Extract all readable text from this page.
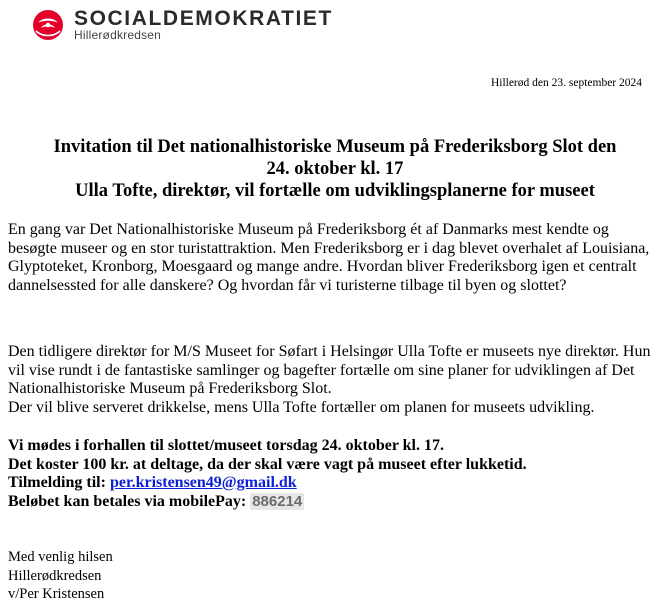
SOCIALDEMOKRATIET
Hillerødkredsen
Hillerød den 23. september 2024
Invitation til Det nationalhistoriske Museum på Frederiksborg Slot den
24. oktober kl. 17
Ulla Tofte, direktør, vil fortælle om udviklingsplanerne for museet

En gang var Det Nationalhistoriske Museum på Frederiksborg ét af Danmarks mest kendte og besøgte museer og en stor turistattraktion. Men Frederiksborg er i dag blevet overhalet af Louisiana, Glyptoteket, Kronborg, Moesgaard og mange andre. Hvordan bliver Frederiksborg igen et centralt dannelsessted for alle danskere? Og hvordan får vi turisterne tilbage til byen og slottet?

Den tidligere direktør for M/S Museet for Søfart i Helsingør Ulla Tofte er museets nye direktør. Hun vil vise rundt i de fantastiske samlinger og bagefter fortælle om sine planer for udviklingen af Det Nationalhistoriske Museum på Frederiksborg Slot.
Der vil blive serveret drikkelse, mens Ulla Tofte fortæller om planen for museets udvikling.
Vi mødes i forhallen til slottet/museet torsdag 24. oktober kl. 17.
Det koster 100 kr. at deltage, da der skal være vagt på museet efter lukketid.
Tilmelding til: per.kristensen49@gmail.dk
Beløbet kan betales via mobilePay: 886214
Med venlig hilsen
Hillerødkredsen
v/Per Kristensen
